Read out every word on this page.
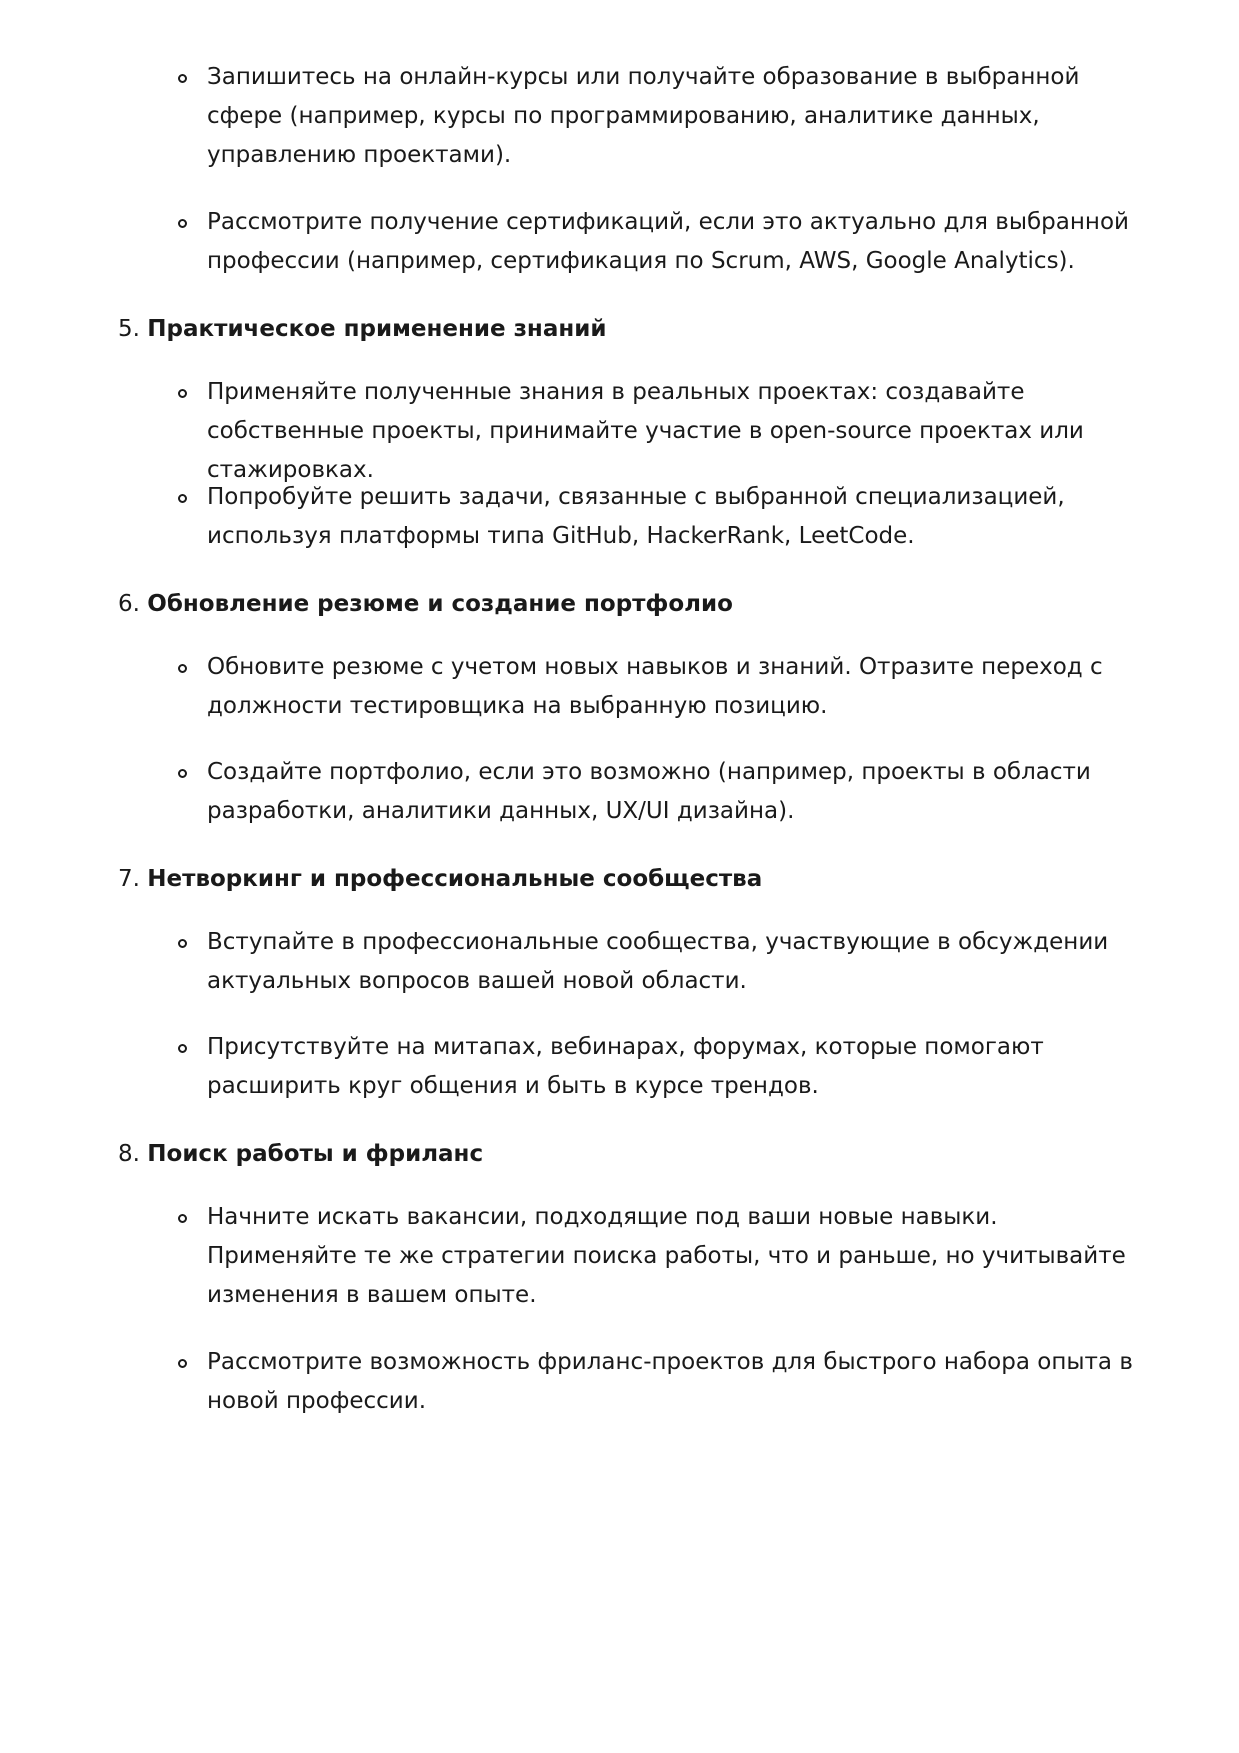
Запишитесь на онлайн-курсы или получайте образование в выбранной сфере (например, курсы по программированию, аналитике данных, управлению проектами).
Рассмотрите получение сертификаций, если это актуально для выбранной профессии (например, сертификация по Scrum, AWS, Google Analytics).
5. Практическое применение знаний
Применяйте полученные знания в реальных проектах: создавайте собственные проекты, принимайте участие в open-source проектах или стажировках.
Попробуйте решить задачи, связанные с выбранной специализацией, используя платформы типа GitHub, HackerRank, LeetCode.
6. Обновление резюме и создание портфолио
Обновите резюме с учетом новых навыков и знаний. Отразите переход с должности тестировщика на выбранную позицию.
Создайте портфолио, если это возможно (например, проекты в области разработки, аналитики данных, UX/UI дизайна).
7. Нетворкинг и профессиональные сообщества
Вступайте в профессиональные сообщества, участвующие в обсуждении актуальных вопросов вашей новой области.
Присутствуйте на митапах, вебинарах, форумах, которые помогают расширить круг общения и быть в курсе трендов.
8. Поиск работы и фриланс
Начните искать вакансии, подходящие под ваши новые навыки. Применяйте те же стратегии поиска работы, что и раньше, но учитывайте изменения в вашем опыте.
Рассмотрите возможность фриланс-проектов для быстрого набора опыта в новой профессии.
